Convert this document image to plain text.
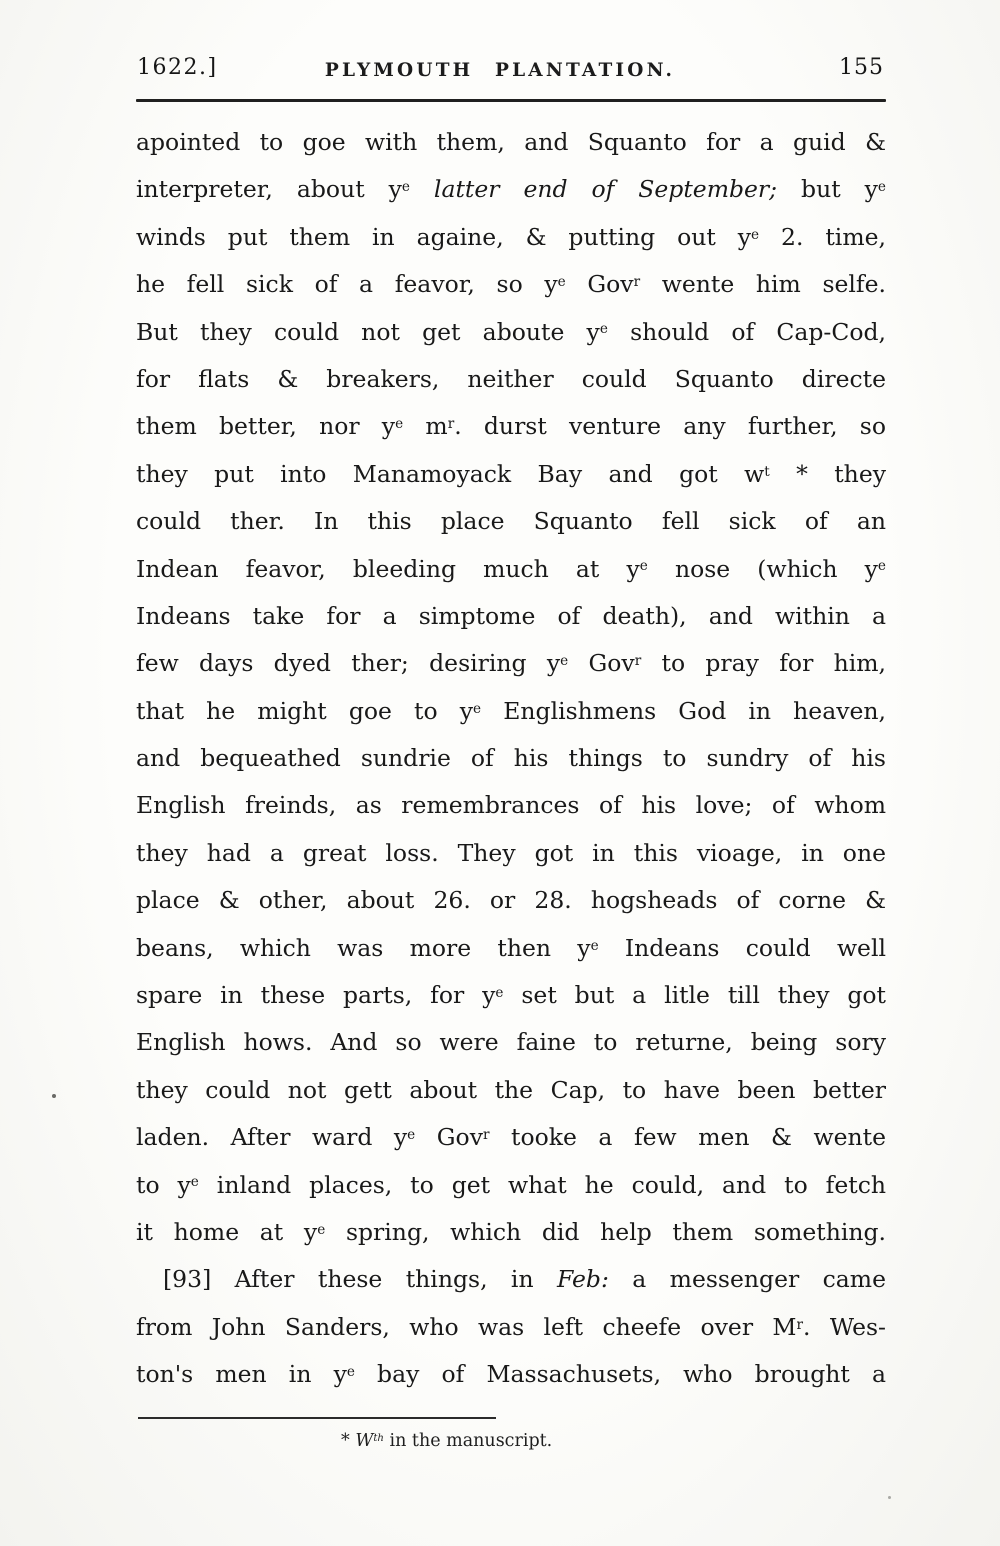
1622.]	PLYMOUTH PLANTATION.	155
apointed to goe with them, and Squanto for a guid &
interpreter, about $y^e$ latter end of September; but $y^e$
winds put them in againe, & putting out $y^e$ 2. time,
he fell sick of a feavor, so $y^e$ Gov$^r$ wente him selfe.
But they could not get aboute $y^e$ should of Cap-Cod,
for flats & breakers, neither could Squanto directe
them better, nor $y^e$ $m^r$. durst venture any further, so
they put into Manamoyack Bay and got $w^t$ * they
could ther. In this place Squanto fell sick of an
Indean feavor, bleeding much at $y^e$ nose (which $y^e$
Indeans take for a simptome of death), and within a
few days dyed ther; desiring $y^e$ Gov$^r$ to pray for him,
that he might goe to $y^e$ Englishmens God in heaven,
and bequeathed sundrie of his things to sundry of his
English freinds, as remembrances of his love; of whom
they had a great loss. They got in this vioage, in one
place & other, about 26. or 28. hogsheads of corne &
beans, which was more then $y^e$ Indeans could well
spare in these parts, for $y^e$ set but a litle till they got
English hows. And so were faine to returne, being sory
they could not gett about the Cap, to have been better
laden. After ward $y^e$ Gov$^r$ tooke a few men & wente
to $y^e$ inland places, to get what he could, and to fetch
it home at $y^e$ spring, which did help them something.
[93] After these things, in Feb: a messenger came
from John Sanders, who was left cheefe over $M^r$. Wes-
ton's men in $y^e$ bay of Massachusets, who brought a
* $W^{th}$ in the manuscript.
